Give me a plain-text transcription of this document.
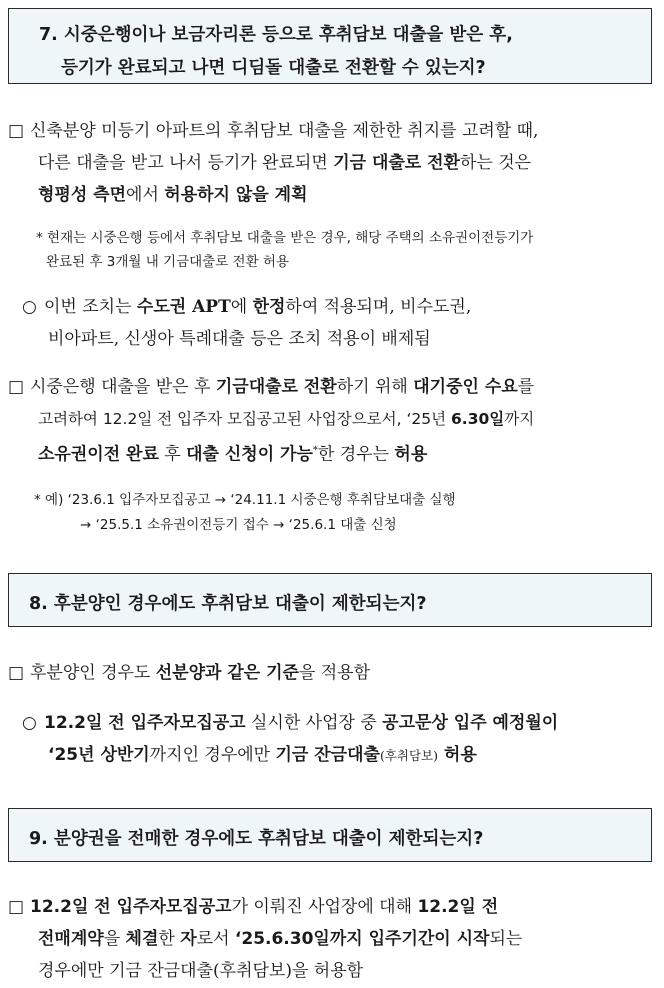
7. 시중은행이나 보금자리론 등으로 후취담보 대출을 받은 후,
등기가 완료되고 나면 디딤돌 대출로 전환할 수 있는지?
□ 신축분양 미등기 아파트의 후취담보 대출을 제한한 취지를 고려할 때,
다른 대출을 받고 나서 등기가 완료되면 기금 대출로 전환하는 것은
형평성 측면에서 허용하지 않을 계획
* 현재는 시중은행 등에서 후취담보 대출을 받은 경우, 해당 주택의 소유권이전등기가
완료된 후 3개월 내 기금대출로 전환 허용
○ 이번 조치는 수도권 APT에 한정하여 적용되며, 비수도권,
비아파트, 신생아 특례대출 등은 조치 적용이 배제됨
□ 시중은행 대출을 받은 후 기금대출로 전환하기 위해 대기중인 수요를
고려하여 12.2일 전 입주자 모집공고된 사업장으로서, ‘25년 6.30일까지
소유권이전 완료 후 대출 신청이 가능*한 경우는 허용
* 예) ‘23.6.1 입주자모집공고 → ‘24.11.1 시중은행 후취담보대출 실행
→ ‘25.5.1 소유권이전등기 접수 → ‘25.6.1 대출 신청
8. 후분양인 경우에도 후취담보 대출이 제한되는지?
□ 후분양인 경우도 선분양과 같은 기준을 적용함
○ 12.2일 전 입주자모집공고 실시한 사업장 중 공고문상 입주 예정월이
‘25년 상반기까지인 경우에만 기금 잔금대출(후취담보) 허용
9. 분양권을 전매한 경우에도 후취담보 대출이 제한되는지?
□ 12.2일 전 입주자모집공고가 이뤄진 사업장에 대해 12.2일 전
전매계약을 체결한 자로서 ‘25.6.30일까지 입주기간이 시작되는
경우에만 기금 잔금대출(후취담보)을 허용함
